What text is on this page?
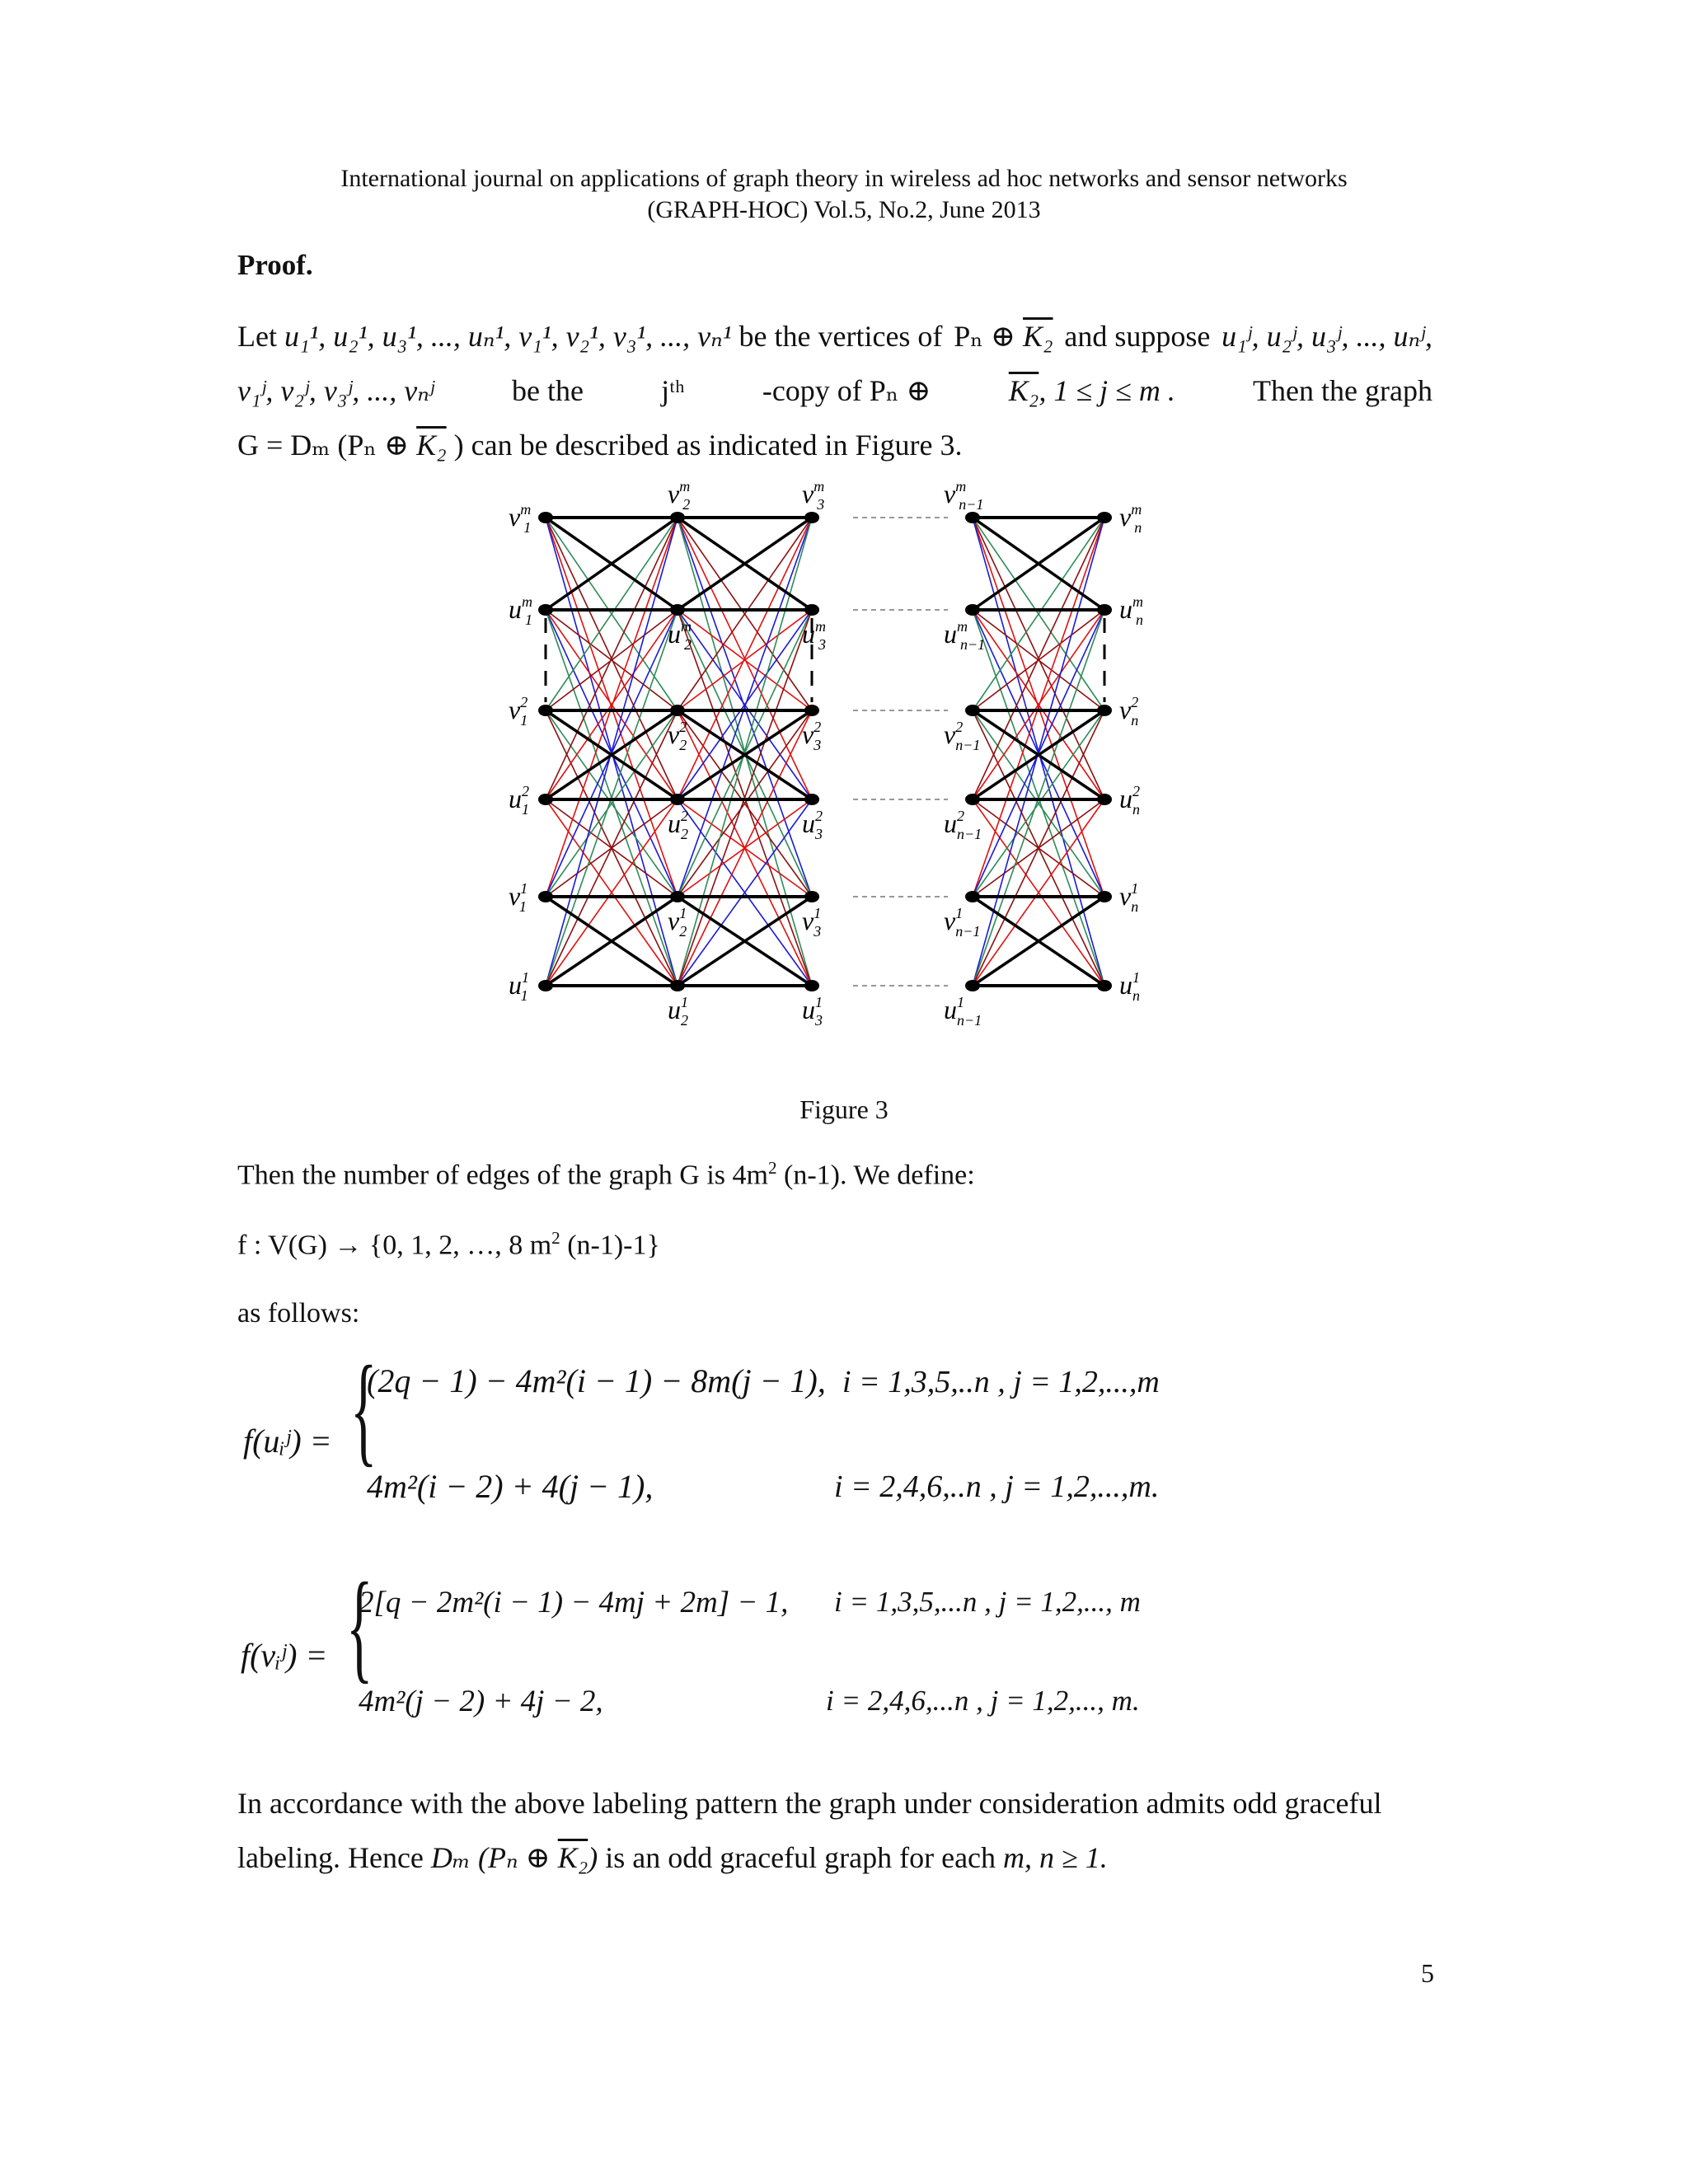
International journal on applications of graph theory in wireless ad hoc networks and sensor networks
(GRAPH-HOC) Vol.5, No.2, June 2013
Proof.
Let u₁¹, u₂¹, u₃¹, ..., uₙ¹, v₁¹, v₂¹, v₃¹, ..., vₙ¹ be the vertices of Pₙ ⊕ K₂ and suppose u₁ʲ, u₂ʲ, u₃ʲ, ..., uₙʲ,
v₁ʲ, v₂ʲ, v₃ʲ, ..., vₙʲ	be the	jᵗʰ	-copy of Pₙ ⊕	K₂, 1 ≤ j ≤ m .	Then the graph
G = Dₘ (Pₙ ⊕ K₂ ) can be described as indicated in Figure 3.
$v^m$ 1	$v^m$ n
$u^m$ 1	$u^m$ n
$v^2$ 1	$v^2$ n
$u^2$ 1	$u^2$ n
$v^1$ 1	$v^1$ n
$u^1$ 1	$u^1$ n
$v^m$ 2
$u^m$ 2
$v^2$ 2
$u^2$ 2
$v^1$ 2
$u^1$ 2
$v^m$ 3
$u^m$ 3
$v^2$ 3
$u^2$ 3
$v^1$ 3
$u^1$ 3
$v^m$ n−1
$u^m$ n−1
$v^2$ n−1
$u^2$ n−1
$v^1$ n−1
$u^1$ n−1
Figure 3
Then the number of edges of the graph G is $4m^2$ (n-1). We define:
f : V(G) → {0, 1, 2, …, 8 $m^2$ (n-1)-1}
as follows:
f(uᵢʲ) = {
(2q − 1) − 4m²(i − 1) − 8m(j − 1), i = 1,3,5,..n , j = 1,2,...,m
4m²(i − 2) + 4(j − 1),	i = 2,4,6,..n , j = 1,2,...,m.
f(vᵢʲ) = {
2[q − 2m²(i − 1) − 4mj + 2m] − 1, i = 1,3,5,...n , j = 1,2,..., m
4m²(j − 2) + 4j − 2,	i = 2,4,6,...n , j = 1,2,..., m.
In accordance with the above labeling pattern the graph under consideration admits odd graceful
labeling. Hence Dₘ (Pₙ ⊕ K₂) is an odd graceful graph for each m, n ≥ 1.
5
